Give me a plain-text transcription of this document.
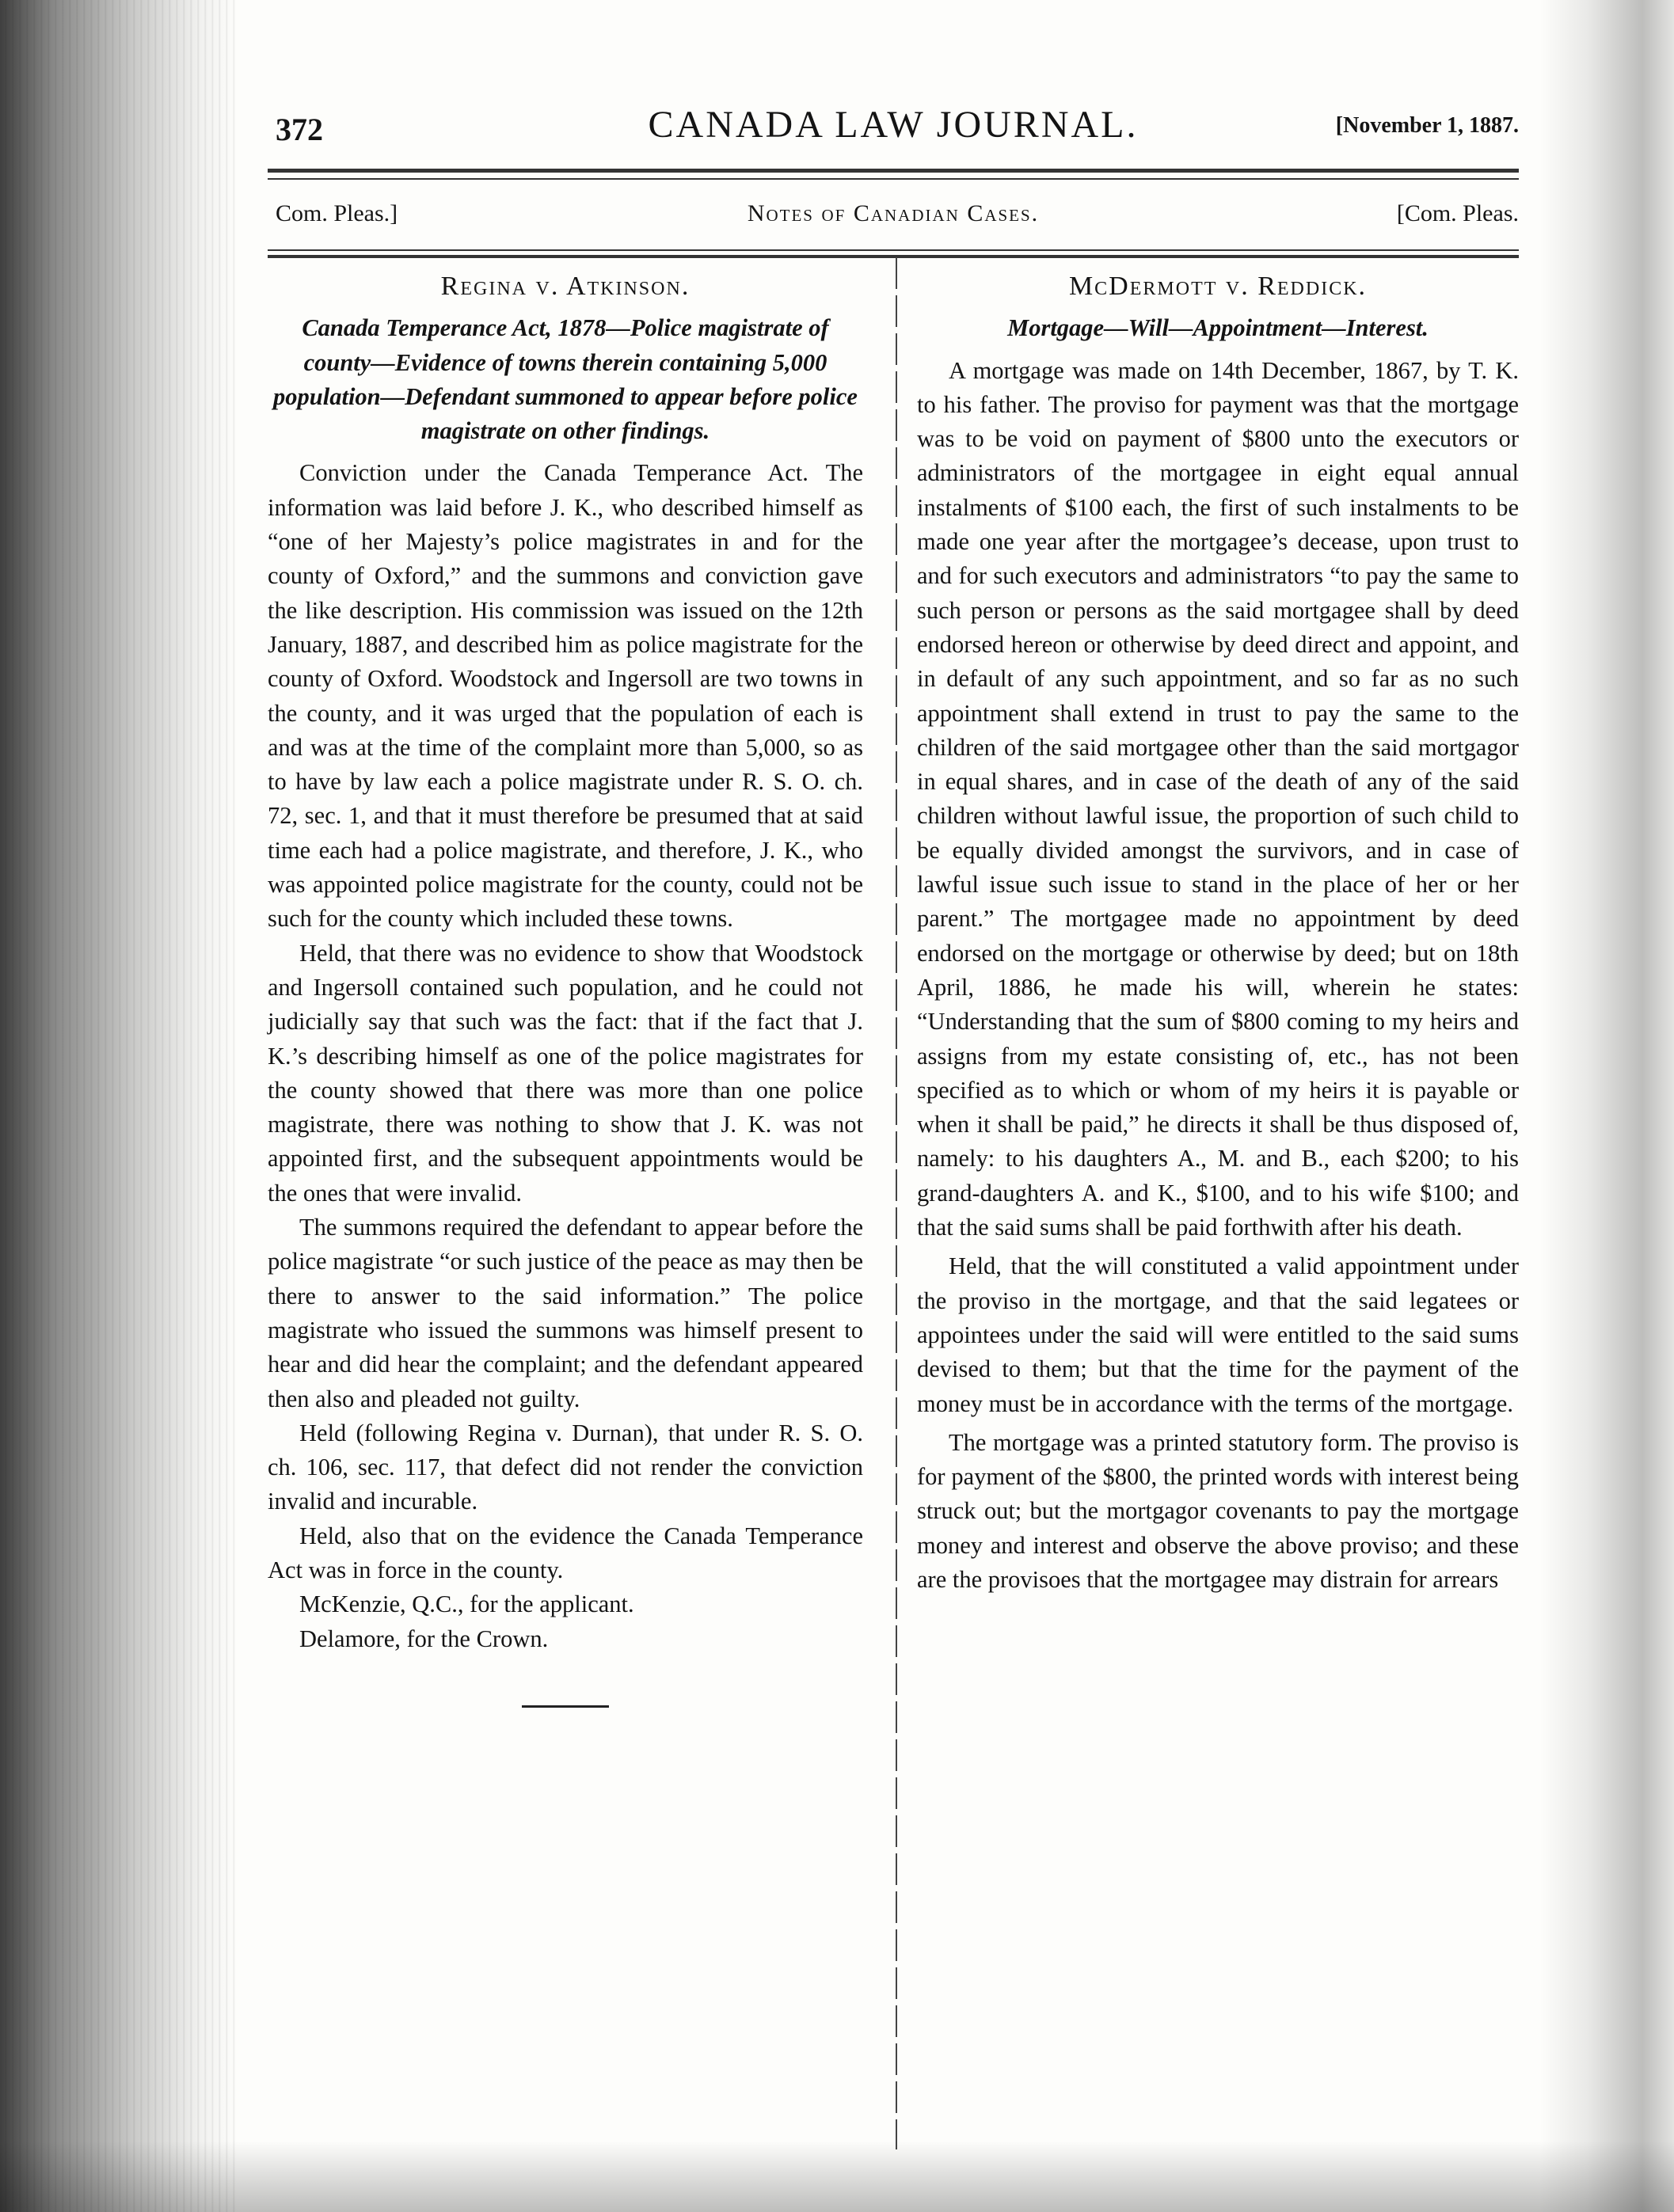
372	CANADA LAW JOURNAL.	[November 1, 1887.
Com. Pleas.]	Notes of Canadian Cases.	[Com. Pleas.
Regina v. Atkinson.
Canada Temperance Act, 1878—Police magistrate of county—Evidence of towns therein containing 5,000 population—Defendant summoned to appear before police magistrate on other findings.

Conviction under the Canada Temperance Act. The information was laid before J. K., who described himself as “one of her Majesty’s police magistrates in and for the county of Oxford,” and the summons and conviction gave the like description. His commission was issued on the 12th January, 1887, and described him as police magistrate for the county of Oxford. Woodstock and Ingersoll are two towns in the county, and it was urged that the population of each is and was at the time of the complaint more than 5,000, so as to have by law each a police magistrate under R. S. O. ch. 72, sec. 1, and that it must therefore be presumed that at said time each had a police magistrate, and therefore, J. K., who was appointed police magistrate for the county, could not be such for the county which included these towns.

Held, that there was no evidence to show that Woodstock and Ingersoll contained such population, and he could not judicially say that such was the fact: that if the fact that J. K.’s describing himself as one of the police magistrates for the county showed that there was more than one police magistrate, there was nothing to show that J. K. was not appointed first, and the subsequent appointments would be the ones that were invalid.

The summons required the defendant to appear before the police magistrate “or such justice of the peace as may then be there to answer to the said information.” The police magistrate who issued the summons was himself present to hear and did hear the complaint; and the defendant appeared then also and pleaded not guilty.

Held (following Regina v. Durnan), that under R. S. O. ch. 106, sec. 117, that defect did not render the conviction invalid and incurable.

Held, also that on the evidence the Canada Temperance Act was in force in the county.

McKenzie, Q.C., for the applicant.

Delamore, for the Crown.

McDermott v. Reddick.
Mortgage—Will—Appointment—Interest.

A mortgage was made on 14th December, 1867, by T. K. to his father. The proviso for payment was that the mortgage was to be void on payment of $800 unto the executors or administrators of the mortgagee in eight equal annual instalments of $100 each, the first of such instalments to be made one year after the mortgagee’s decease, upon trust to and for such executors and administrators “to pay the same to such person or persons as the said mortgagee shall by deed endorsed hereon or otherwise by deed direct and appoint, and in default of any such appointment, and so far as no such appointment shall extend in trust to pay the same to the children of the said mortgagee other than the said mortgagor in equal shares, and in case of the death of any of the said children without lawful issue, the proportion of such child to be equally divided amongst the survivors, and in case of lawful issue such issue to stand in the place of her or her parent.” The mortgagee made no appointment by deed endorsed on the mortgage or otherwise by deed; but on 18th April, 1886, he made his will, wherein he states: “Understanding that the sum of $800 coming to my heirs and assigns from my estate consisting of, etc., has not been specified as to which or whom of my heirs it is payable or when it shall be paid,” he directs it shall be thus disposed of, namely: to his daughters A., M. and B., each $200; to his grand-daughters A. and K., $100, and to his wife $100; and that the said sums shall be paid forthwith after his death.

Held, that the will constituted a valid appointment under the proviso in the mortgage, and that the said legatees or appointees under the said will were entitled to the said sums devised to them; but that the time for the payment of the money must be in accordance with the terms of the mortgage.

The mortgage was a printed statutory form. The proviso is for payment of the $800, the printed words with interest being struck out; but the mortgagor covenants to pay the mortgage money and interest and observe the above proviso; and these are the provisoes that the mortgagee may distrain for arrears
